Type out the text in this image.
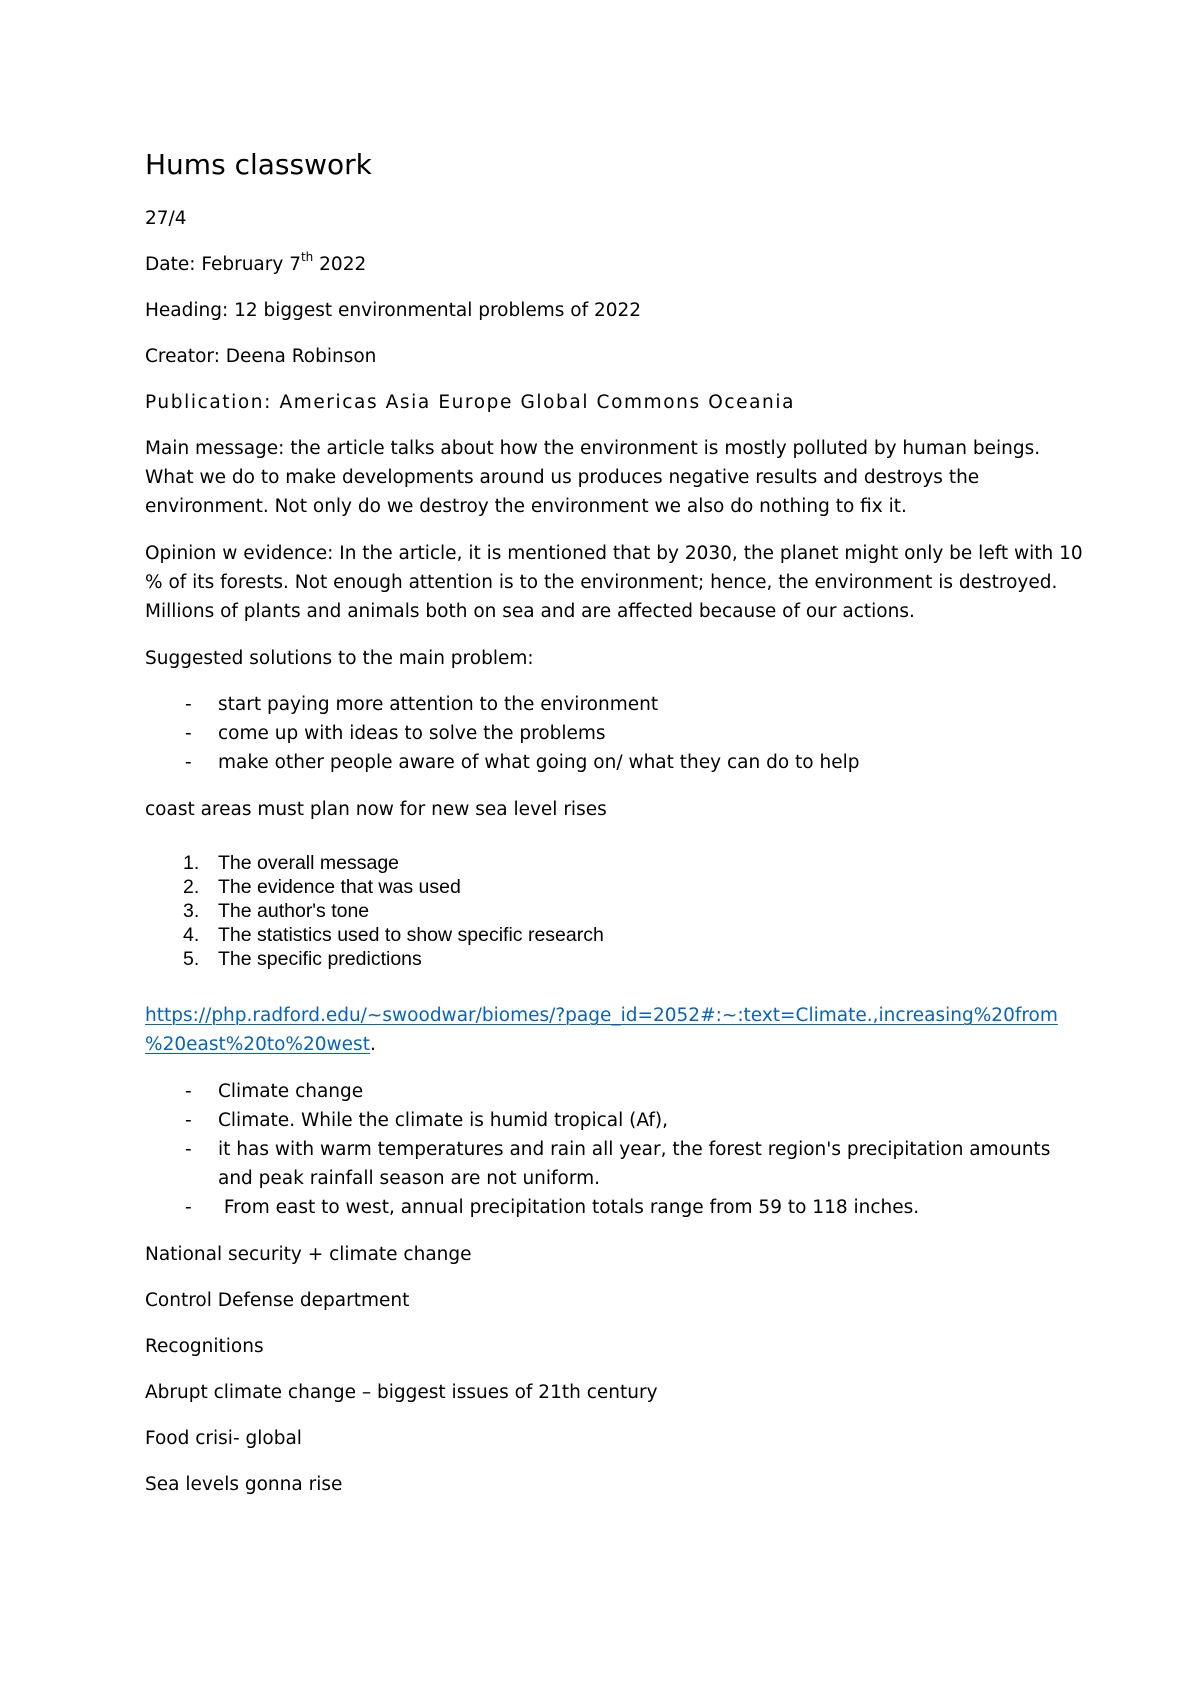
Hums classwork
27/4
Date: February 7th 2022
Heading: 12 biggest environmental problems of 2022
Creator: Deena Robinson
Publication: Americas Asia Europe Global Commons Oceania
Main message: the article talks about how the environment is mostly polluted by human beings.
What we do to make developments around us produces negative results and destroys the
environment. Not only do we destroy the environment we also do nothing to fix it.
Opinion w evidence: In the article, it is mentioned that by 2030, the planet might only be left with 10
% of its forests. Not enough attention is to the environment; hence, the environment is destroyed.
Millions of plants and animals both on sea and are affected because of our actions.
Suggested solutions to the main problem:
- start paying more attention to the environment
- come up with ideas to solve the problems
- make other people aware of what going on/ what they can do to help
coast areas must plan now for new sea level rises
1. The overall message
2. The evidence that was used
3. The author's tone
4. The statistics used to show specific research
5. The specific predictions
https://php.radford.edu/~swoodwar/biomes/?page_id=2052#:~:text=Climate.,increasing%20from
%20east%20to%20west.
- Climate change
- Climate. While the climate is humid tropical (Af),
- it has with warm temperatures and rain all year, the forest region's precipitation amounts
and peak rainfall season are not uniform.
- From east to west, annual precipitation totals range from 59 to 118 inches.
National security + climate change
Control Defense department
Recognitions
Abrupt climate change – biggest issues of 21th century
Food crisi- global
Sea levels gonna rise
